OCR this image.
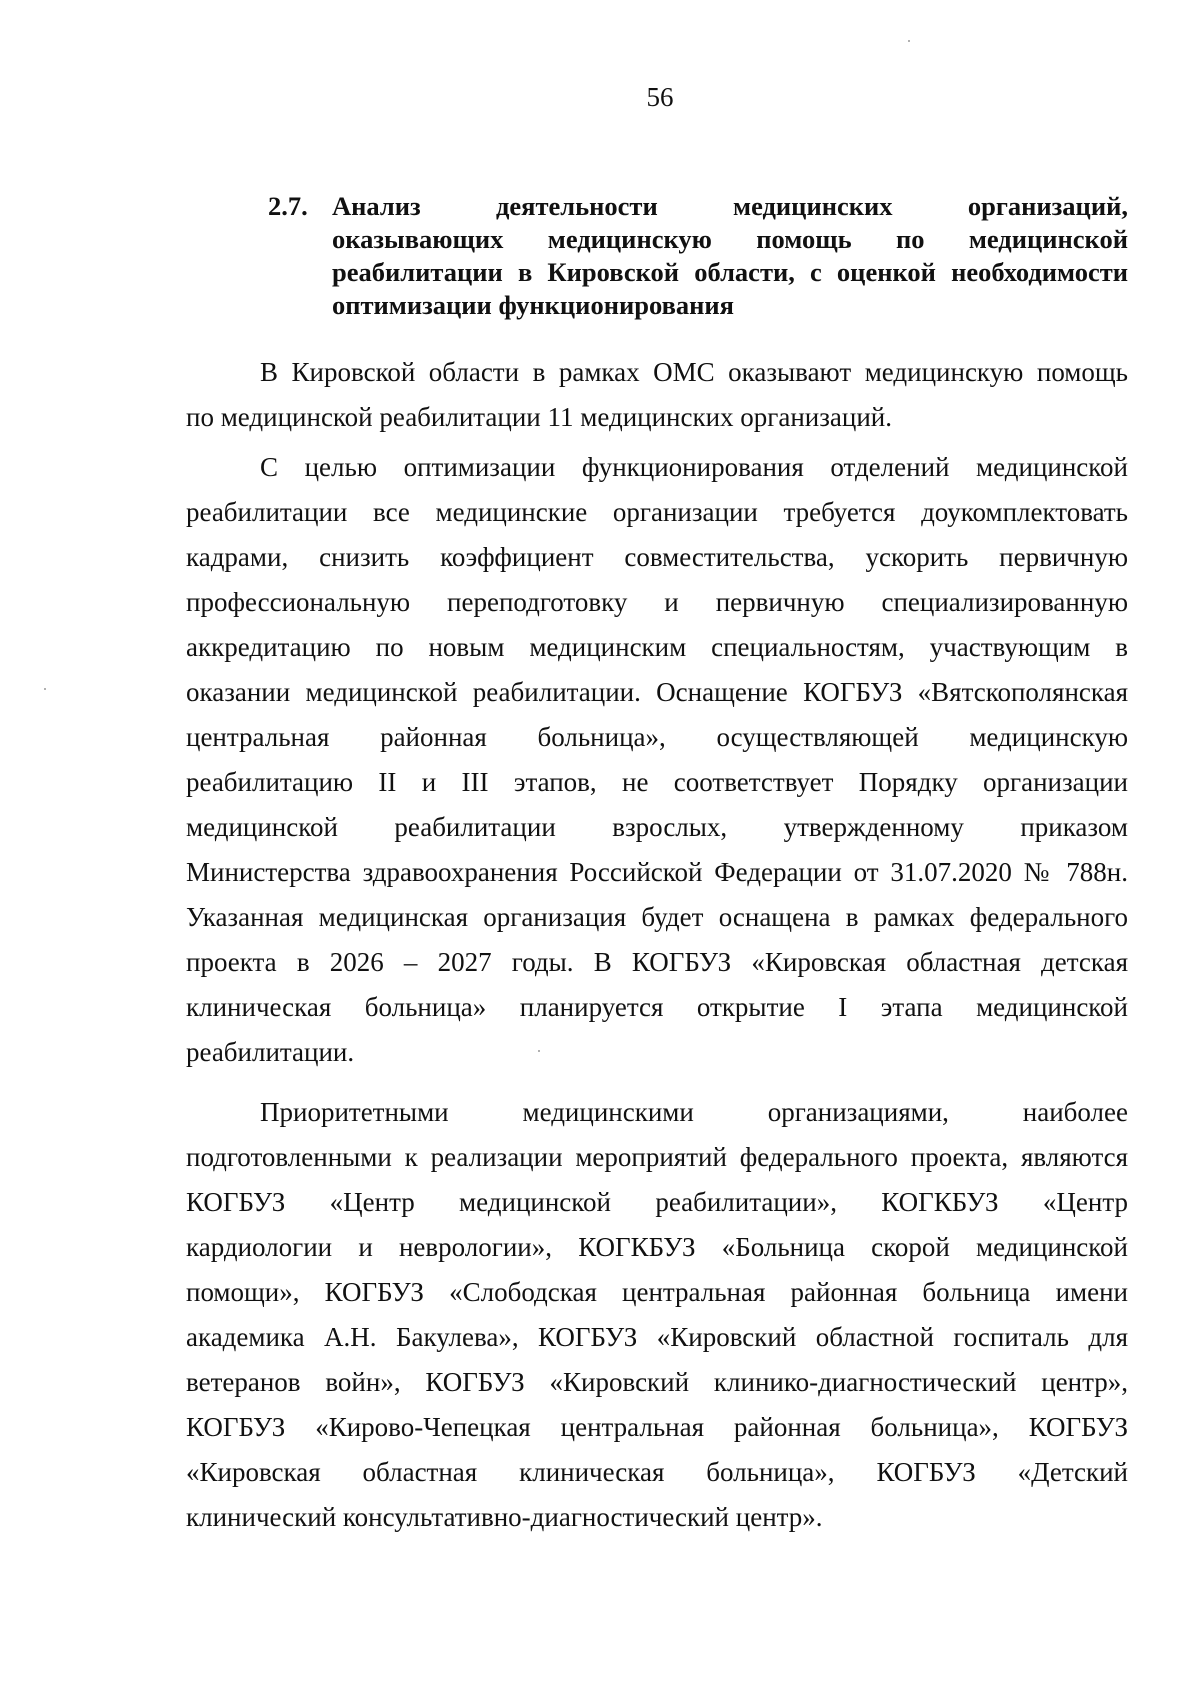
56
2.7. Анализ деятельности медицинских организаций,
оказывающих медицинскую помощь по медицинской
реабилитации в Кировской области, с оценкой необходимости
оптимизации функционирования
В Кировской области в рамках ОМС оказывают медицинскую помощь
по медицинской реабилитации 11 медицинских организаций.
С целью оптимизации функционирования отделений медицинской
реабилитации все медицинские организации требуется доукомплектовать
кадрами, снизить коэффициент совместительства, ускорить первичную
профессиональную переподготовку и первичную специализированную
аккредитацию по новым медицинским специальностям, участвующим в
оказании медицинской реабилитации. Оснащение КОГБУЗ «Вятскополянская
центральная районная больница», осуществляющей медицинскую
реабилитацию II и III этапов, не соответствует Порядку организации
медицинской реабилитации взрослых, утвержденному приказом
Министерства здравоохранения Российской Федерации от 31.07.2020 № 788н.
Указанная медицинская организация будет оснащена в рамках федерального
проекта в 2026 – 2027 годы. В КОГБУЗ «Кировская областная детская
клиническая больница» планируется открытие I этапа медицинской
реабилитации.
Приоритетными медицинскими организациями, наиболее
подготовленными к реализации мероприятий федерального проекта, являются
КОГБУЗ «Центр медицинской реабилитации», КОГКБУЗ «Центр
кардиологии и неврологии», КОГКБУЗ «Больница скорой медицинской
помощи», КОГБУЗ «Слободская центральная районная больница имени
академика А.Н. Бакулева», КОГБУЗ «Кировский областной госпиталь для
ветеранов войн», КОГБУЗ «Кировский клинико-диагностический центр»,
КОГБУЗ «Кирово-Чепецкая центральная районная больница», КОГБУЗ
«Кировская областная клиническая больница», КОГБУЗ «Детский
клинический консультативно-диагностический центр».
